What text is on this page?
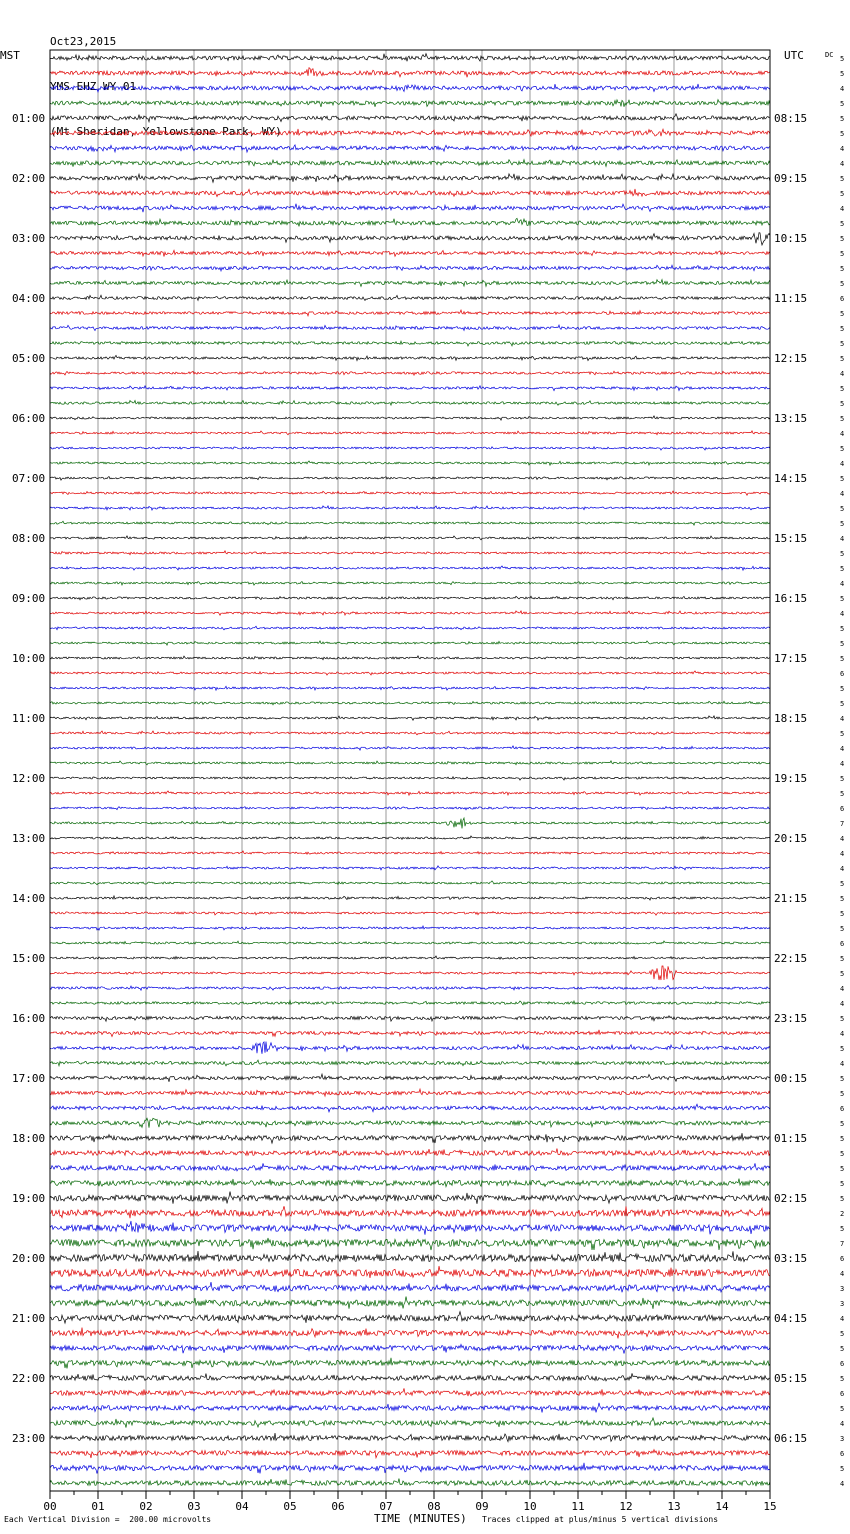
Oct23,2015

YMS EHZ WY 01

(Mt Sheridan, Yellowstone Park, WY)

MST	UTC	DC
01:00
02:00
03:00
04:00
05:00
06:00
07:00
08:00
09:00
10:00
11:00
12:00
13:00
14:00
15:00
16:00
17:00
18:00
19:00
20:00
21:00
22:00
23:00
08:15
09:15
10:15
11:15
12:15
13:15
14:15
15:15
16:15
17:15
18:15
19:15
20:15
21:15
22:15
23:15
00:15
01:15
02:15
03:15
04:15
05:15
06:15
5
5
4
5
5
5
4
4
5
5
4
5
5
5
5
5
6
5
5
5
5
4
5
5
5
4
5
4
5
4
5
5
4
5
5
4
5
4
5
5
5
6
5
5
4
5
4
4
5
5
6
7
4
4
4
5
5
5
5
6
5
5
4
4
5
4
5
4
5
5
6
5
5
5
5
5
5
2
5
7
6
4
3
3
4
5
5
6
5
6
5
4
3
6
5
4
00	01	02	03	04	05	06	07	08	09	10	11	12	13	14	15
Each Vertical Division =  200.00 microvolts	TIME (MINUTES) Traces clipped at plus/minus 5 vertical divisions
